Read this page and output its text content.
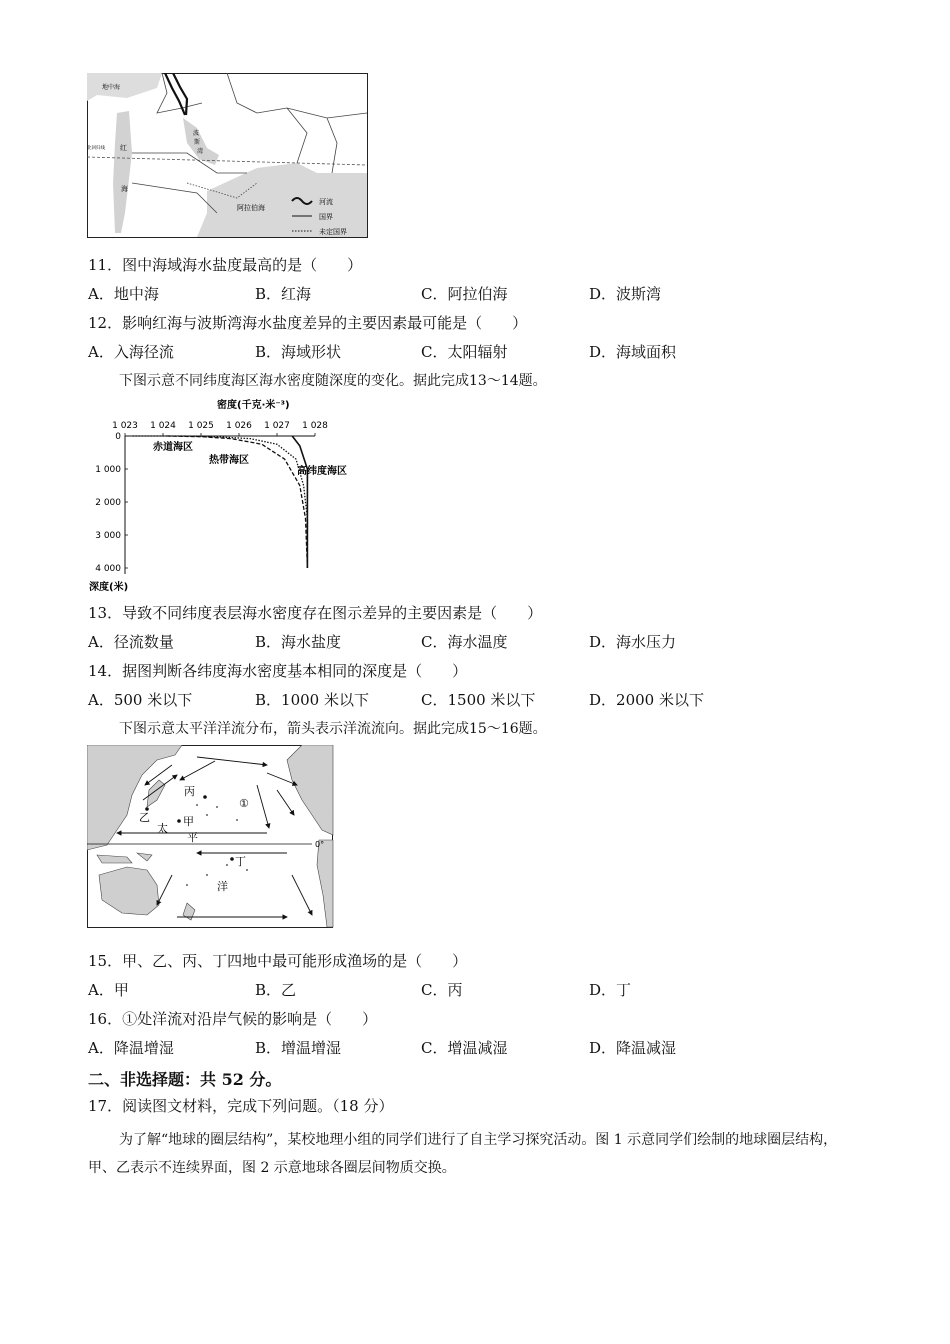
地中海
北回归线 红
海
波
斯
湾
阿拉伯海
河流
国界
未定国界
11．图中海域海水盐度最高的是（　　）
A．地中海	B．红海	C．阿拉伯海	D．波斯湾
12．影响红海与波斯湾海水盐度差异的主要因素最可能是（　　）
A．入海径流	B．海域形状	C．太阳辐射	D．海域面积
下图示意不同纬度海区海水密度随深度的变化。据此完成13～14题。
密度(千克·米⁻³)
深度(米)
1 023 1 024 1 025 1 026 1 027 1 028
0
1 000
2 000
3 000
4 000
赤道海区
热带海区
高纬度海区
13．导致不同纬度表层海水密度存在图示差异的主要因素是（　　）
A．径流数量	B．海水盐度	C．海水温度	D．海水压力
14．据图判断各纬度海水密度基本相同的深度是（　　）
A．500 米以下	B．1000 米以下	C．1500 米以下	D．2000 米以下
下图示意太平洋洋流分布，箭头表示洋流流向。据此完成15～16题。
乙
太
丙
①
甲
平
丁
洋
0°
15．甲、乙、丙、丁四地中最可能形成渔场的是（　　）
A．甲	B．乙	C．丙	D．丁
16．①处洋流对沿岸气候的影响是（　　）
A．降温增湿	B．增温增湿	C．增温减湿	D．降温减湿
二、非选择题：共 52 分。
17．阅读图文材料，完成下列问题。（18 分）
为了解“地球的圈层结构”，某校地理小组的同学们进行了自主学习探究活动。图 1 示意同学们绘制的地球圈层结构，甲、乙表示不连续界面，图 2 示意地球各圈层间物质交换。
